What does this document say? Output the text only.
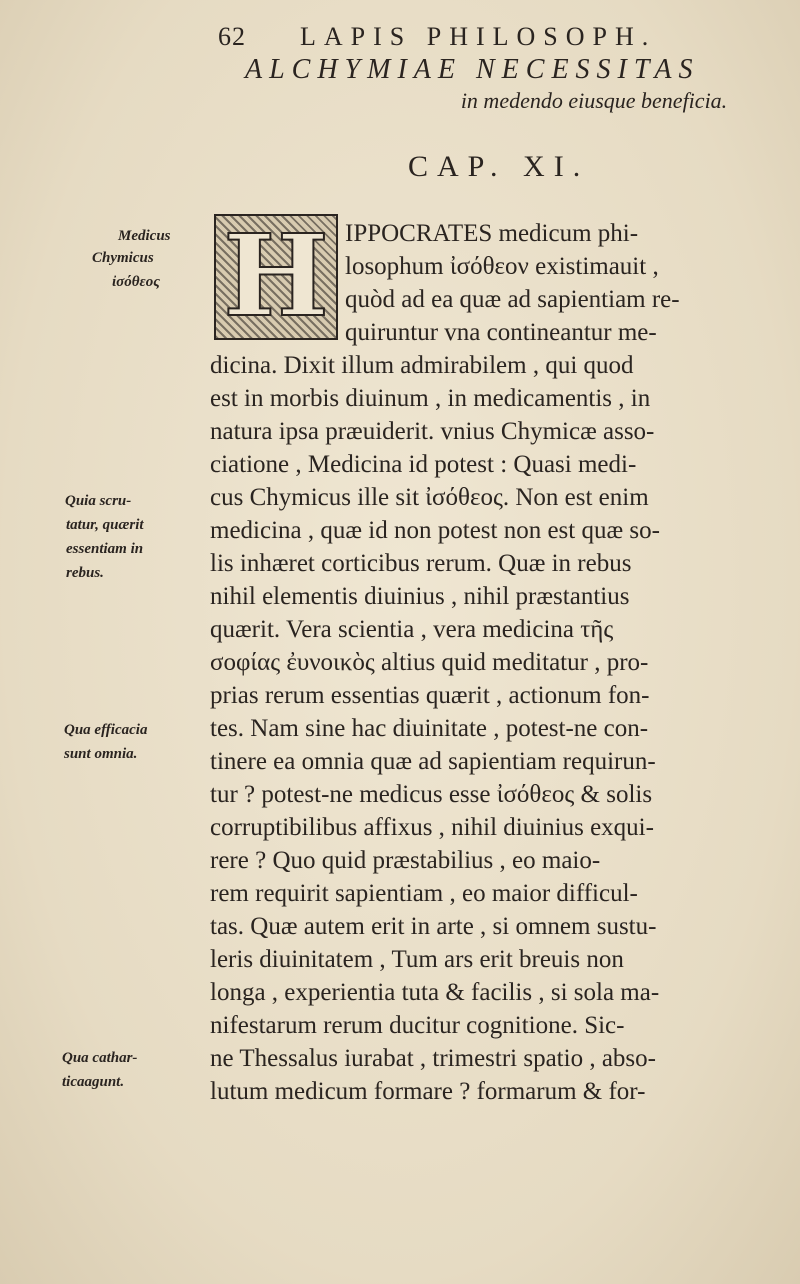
62 LAPIS PHILOSOPH.
ALCHYMIAE NECESSITAS
in medendo eiusque beneficia.
CAP. XI.
H IPPOCRATES medicum phi-
losophum ἰσόθεον existimauit ,
quòd ad ea quæ ad sapientiam re-
quiruntur vna contineantur me-
dicina. Dixit illum admirabilem , qui quod
est in morbis diuinum , in medicamentis , in
natura ipsa præuiderit. vnius Chymicæ asso-
ciatione , Medicina id potest : Quasi medi-
cus Chymicus ille sit ἰσόθεος. Non est enim
medicina , quæ id non potest non est quæ so-
lis inhæret corticibus rerum. Quæ in rebus
nihil elementis diuinius , nihil præstantius
quærit. Vera scientia , vera medicina τῆς
σοφίας ἐυνοικὸς altius quid meditatur , pro-
prias rerum essentias quærit , actionum fon-
tes. Nam sine hac diuinitate , potest-ne con-
tinere ea omnia quæ ad sapientiam requirun-
tur ? potest-ne medicus esse ἰσόθεος & solis
corruptibilibus affixus , nihil diuinius exqui-
rere ? Quo quid præstabilius , eo maio-
rem requirit sapientiam , eo maior difficul-
tas. Quæ autem erit in arte , si omnem sustu-
leris diuinitatem , Tum ars erit breuis non
longa , experientia tuta & facilis , si sola ma-
nifestarum rerum ducitur cognitione. Sic-
ne Thessalus iurabat , trimestri spatio , abso-
lutum medicum formare ? formarum & for-
Medicus
Chymicus
ἰσόθεος
Quia scru-
tatur, quærit
essentiam in
rebus.
Qua efficacia
sunt omnia.
Qua cathar-
ticaagunt.
